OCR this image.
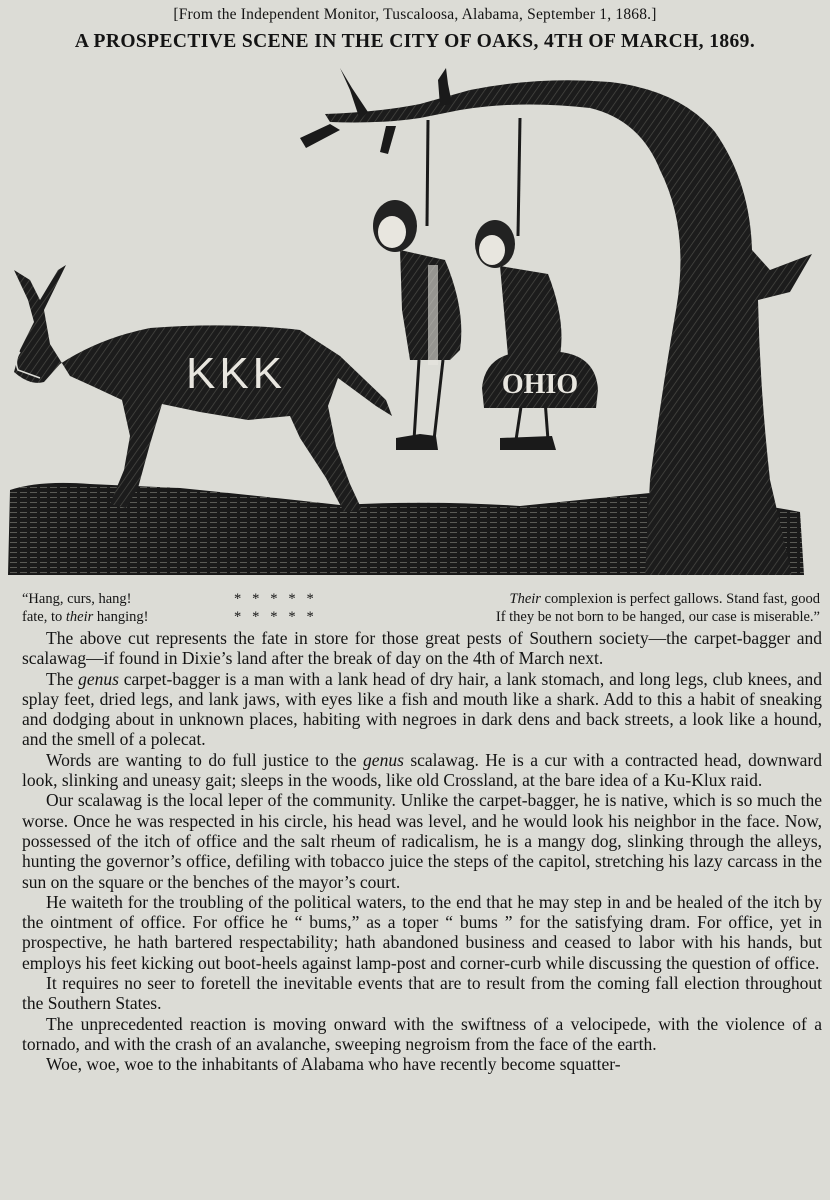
[From the Independent Monitor, Tuscaloosa, Alabama, September 1, 1868.]
A PROSPECTIVE SCENE IN THE CITY OF OAKS, 4TH OF MARCH, 1869.
OHIO
KKK
“Hang, curs, hang!
fate, to their hanging!
*   *   *   *   *
*   *   *   *   *
Their complexion is perfect gallows. Stand fast, good
If they be not born to be hanged, our case is miserable.”

The above cut represents the fate in store for those great pests of Southern society—the carpet-bagger and scalawag—if found in Dixie’s land after the break of day on the 4th of March next.

The genus carpet-bagger is a man with a lank head of dry hair, a lank stomach, and long legs, club knees, and splay feet, dried legs, and lank jaws, with eyes like a fish and mouth like a shark. Add to this a habit of sneaking and dodging about in unknown places, habiting with negroes in dark dens and back streets, a look like a hound, and the smell of a polecat.

Words are wanting to do full justice to the genus scalawag. He is a cur with a contracted head, downward look, slinking and uneasy gait; sleeps in the woods, like old Crossland, at the bare idea of a Ku-Klux raid.

Our scalawag is the local leper of the community. Unlike the carpet-bagger, he is native, which is so much the worse. Once he was respected in his circle, his head was level, and he would look his neighbor in the face. Now, possessed of the itch of office and the salt rheum of radicalism, he is a mangy dog, slinking through the alleys, hunting the governor’s office, defiling with tobacco juice the steps of the capitol, stretching his lazy carcass in the sun on the square or the benches of the mayor’s court.

He waiteth for the troubling of the political waters, to the end that he may step in and be healed of the itch by the ointment of office. For office he “ bums,” as a toper “ bums ” for the satisfying dram. For office, yet in prospective, he hath bartered respectability; hath abandoned business and ceased to labor with his hands, but employs his feet kicking out boot-heels against lamp-post and corner-curb while discussing the question of office.

It requires no seer to foretell the inevitable events that are to result from the coming fall election throughout the Southern States.

The unprecedented reaction is moving onward with the swiftness of a velocipede, with the violence of a tornado, and with the crash of an avalanche, sweeping negroism from the face of the earth.

Woe, woe, woe to the inhabitants of Alabama who have recently become squatter-
